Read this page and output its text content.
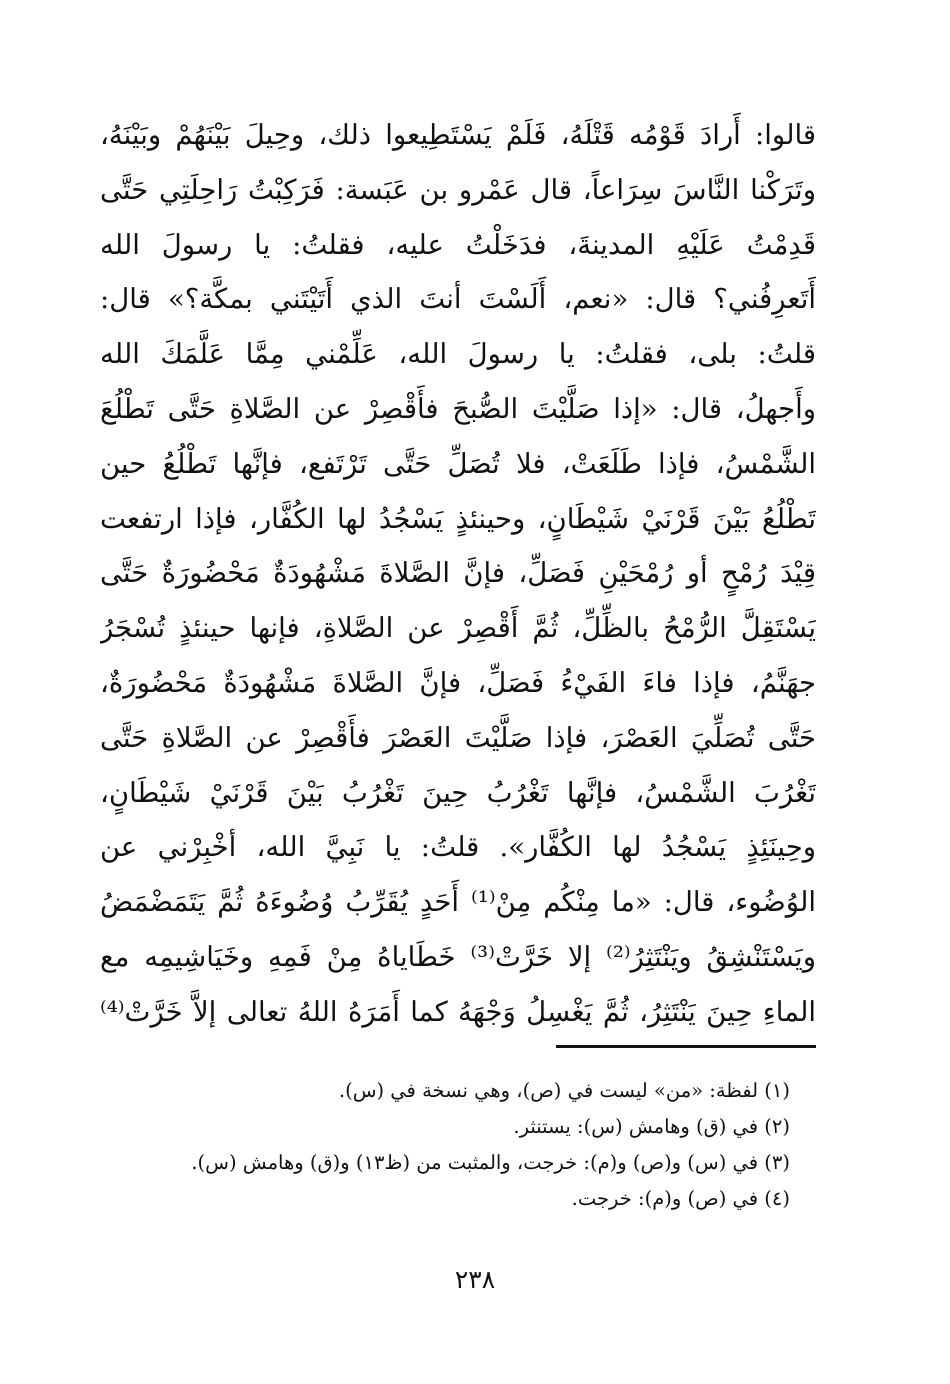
قالوا: أَرادَ قَوْمُه قَتْلَهُ، فَلَمْ يَسْتَطِيعوا ذلك، وحِيلَ بَيْنَهُمْ وبَيْنَهُ،
وتَرَكْنا النَّاسَ سِرَاعاً، قال عَمْرو بن عَبَسة: فَرَكِبْتُ رَاحِلَتِي حَتَّى
قَدِمْتُ عَلَيْهِ المدينةَ، فدَخَلْتُ عليه، فقلتُ: يا رسولَ الله
أَتَعرِفُني؟ قال: «نعم، أَلَسْتَ أنتَ الذي أَتَيْتَني بمكَّة؟» قال:
قلتُ: بلى، فقلتُ: يا رسولَ الله، عَلِّمْني مِمَّا عَلَّمَكَ الله
وأَجهلُ، قال: «إذا صَلَّيْتَ الصُّبحَ فأَقْصِرْ عن الصَّلاةِ حَتَّى تَطْلُعَ
الشَّمْسُ، فإذا طَلَعَتْ، فلا تُصَلِّ حَتَّى تَرْتَفع، فإنَّها تَطْلُعُ حين
تَطْلُعُ بَيْنَ قَرْنَيْ شَيْطَانٍ، وحينئذٍ يَسْجُدُ لها الكُفَّار، فإذا ارتفعت
قِيْدَ رُمْحٍ أو رُمْحَيْنِ فَصَلِّ، فإنَّ الصَّلاةَ مَشْهُودَةٌ مَحْضُورَةٌ حَتَّى
يَسْتَقِلَّ الرُّمْحُ بالظِّلِّ، ثُمَّ أَقْصِرْ عن الصَّلاةِ، فإنها حينئذٍ تُسْجَرُ
جهَنَّمُ، فإذا فاءَ الفَيْءُ فَصَلِّ، فإنَّ الصَّلاةَ مَشْهُودَةٌ مَحْضُورَةٌ،
حَتَّى تُصَلِّيَ العَصْرَ، فإذا صَلَّيْتَ العَصْرَ فأَقْصِرْ عن الصَّلاةِ حَتَّى
تَغْرُبَ الشَّمْسُ، فإنَّها تَغْرُبُ حِينَ تَغْرُبُ بَيْنَ قَرْنَيْ شَيْطَانٍ،
وحِينَئِذٍ يَسْجُدُ لها الكُفَّار». قلتُ: يا نَبِيَّ الله، أخْبِرْني عن
الوُضُوء، قال: «ما مِنْكُم مِنْ⁽¹⁾ أَحَدٍ يُقَرِّبُ وُضُوءَهُ ثُمَّ يَتَمَضْمَضُ
ويَسْتَنْشِقُ ويَنْتَثِرُ⁽²⁾ إلا خَرَّتْ⁽³⁾ خَطَاياهُ مِنْ فَمِهِ وخَيَاشِيمِه مع
الماءِ حِينَ يَنْتَثِرُ، ثُمَّ يَغْسِلُ وَجْهَهُ كما أَمَرَهُ اللهُ تعالى إلاَّ خَرَّتْ⁽⁴⁾
(١) لفظة: «من» ليست في (ص)، وهي نسخة في (س).
(٢) في (ق) وهامش (س): يستنثر.
(٣) في (س) و(ص) و(م): خرجت، والمثبت من (ظ١٣) و(ق) وهامش (س).
(٤) في (ص) و(م): خرجت.
٢٣٨
